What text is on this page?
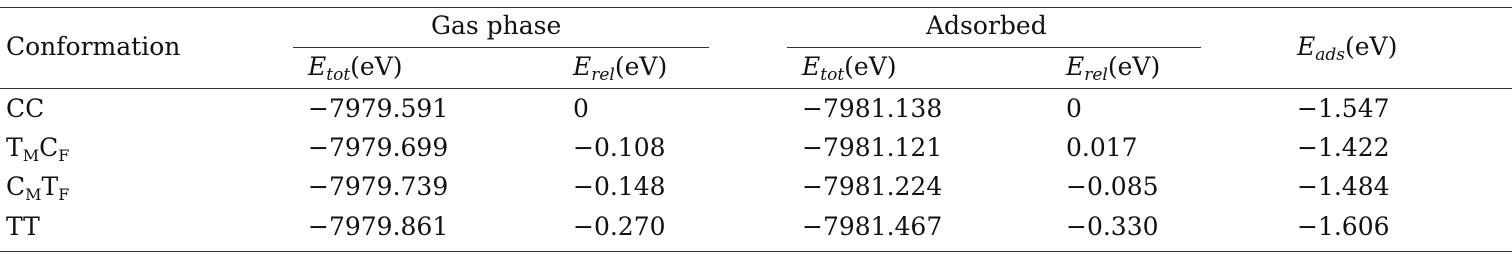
Conformation
Gas phase	Adsorbed
$E_{tot}(eV)$	$E_{rel}(eV)$	$E_{tot}(eV)$	$E_{rel}(eV)$
$E_{ads}(eV)$
CC	−7979.591	0	−7981.138	0	−1.547
$T_MC_F$	−7979.699	−0.108	−7981.121	0.017	−1.422
$C_MT_F$	−7979.739	−0.148	−7981.224	−0.085	−1.484
TT	−7979.861	−0.270	−7981.467	−0.330	−1.606
